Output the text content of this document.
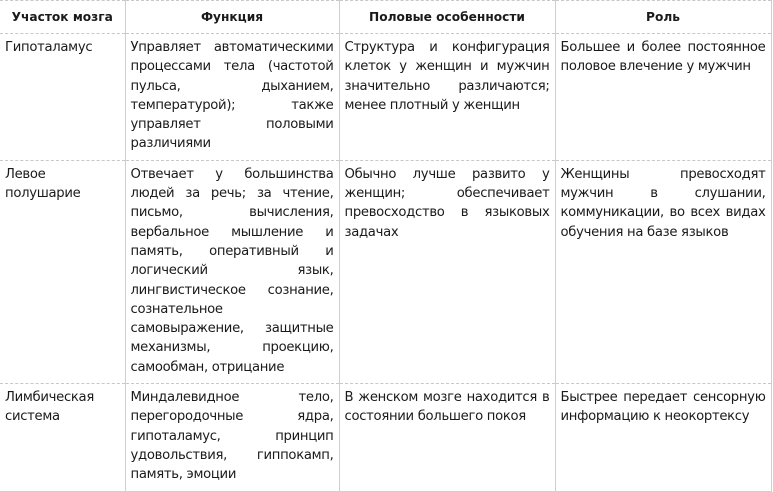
Участок мозга	Функция	Половые особенности	Роль
Гипоталамус	Управляет автоматическими процессами тела (частотой пульса, дыханием, температурой); также управляет половыми различиями	Структура и конфигурация клеток у женщин и мужчин значительно различаются; менее плотный у женщин	Большее и более постоянное половое влечение у мужчин
Левое полушарие	Отвечает у большинства людей за речь; за чтение, письмо, вычисления, вербальное мышление и память, оперативный и логический язык, лингвистическое сознание, сознательное самовыражение, защитные механизмы, проекцию, самообман, отрицание	Обычно лучше развито у женщин; обеспечивает превосходство в языковых задачах	Женщины превосходят мужчин в слушании, коммуникации, во всех видах обучения на базе языков
Лимбическая система	Миндалевидное тело, перегородочные ядра, гипоталамус, принцип удовольствия, гиппокамп, память, эмоции	В женском мозге находится в состоянии большего покоя	Быстрее передает сенсорную информацию к неокортексу
